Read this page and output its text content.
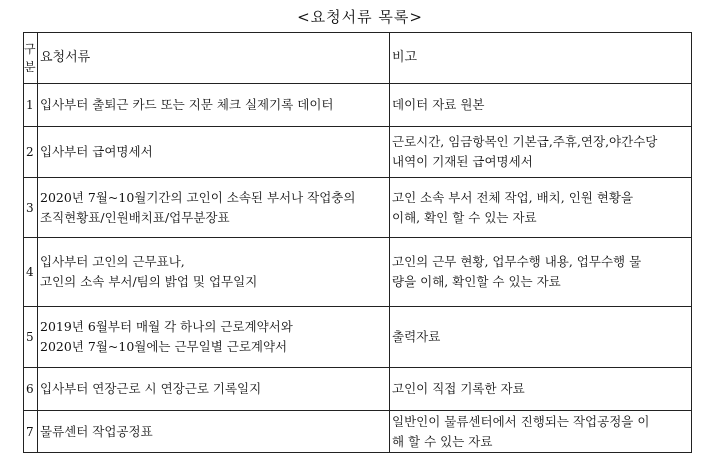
<요청서류 목록>
구
분	요청서류	비고
1	입사부터 출퇴근 카드 또는 지문 체크 실제기록 데이터	데이터 자료 원본

2	입사부터 급여명세서	근로시간, 임금항목인 기본급,주휴,연장,야간수당
내역이 기재된 급여명세서

3	2020년 7월~10월기간의 고인이 소속된 부서나 작업충의
조직현황표/인원배치표/업무분장표	고인 소속 부서 전체 작업, 배치, 인원 현황을
이해, 확인 할 수 있는 자료

4	입사부터 고인의 근무표나,
고인의 소속 부서/팀의 밝업 및 업무일지	고인의 근무 현황, 업무수행 내용, 업무수행 물
량을 이해, 확인할 수 있는 자료

5	2019년 6월부터 매월 각 하나의 근로계약서와
2020년 7월~10월에는 근무일별 근로계약서	출력자료

6	입사부터 연장근로 시 연장근로 기록일지	고인이 직접 기록한 자료

7	물류센터 작업공정표	일반인이 물류센터에서 진행되는 작업공정을 이
해 할 수 있는 자료
